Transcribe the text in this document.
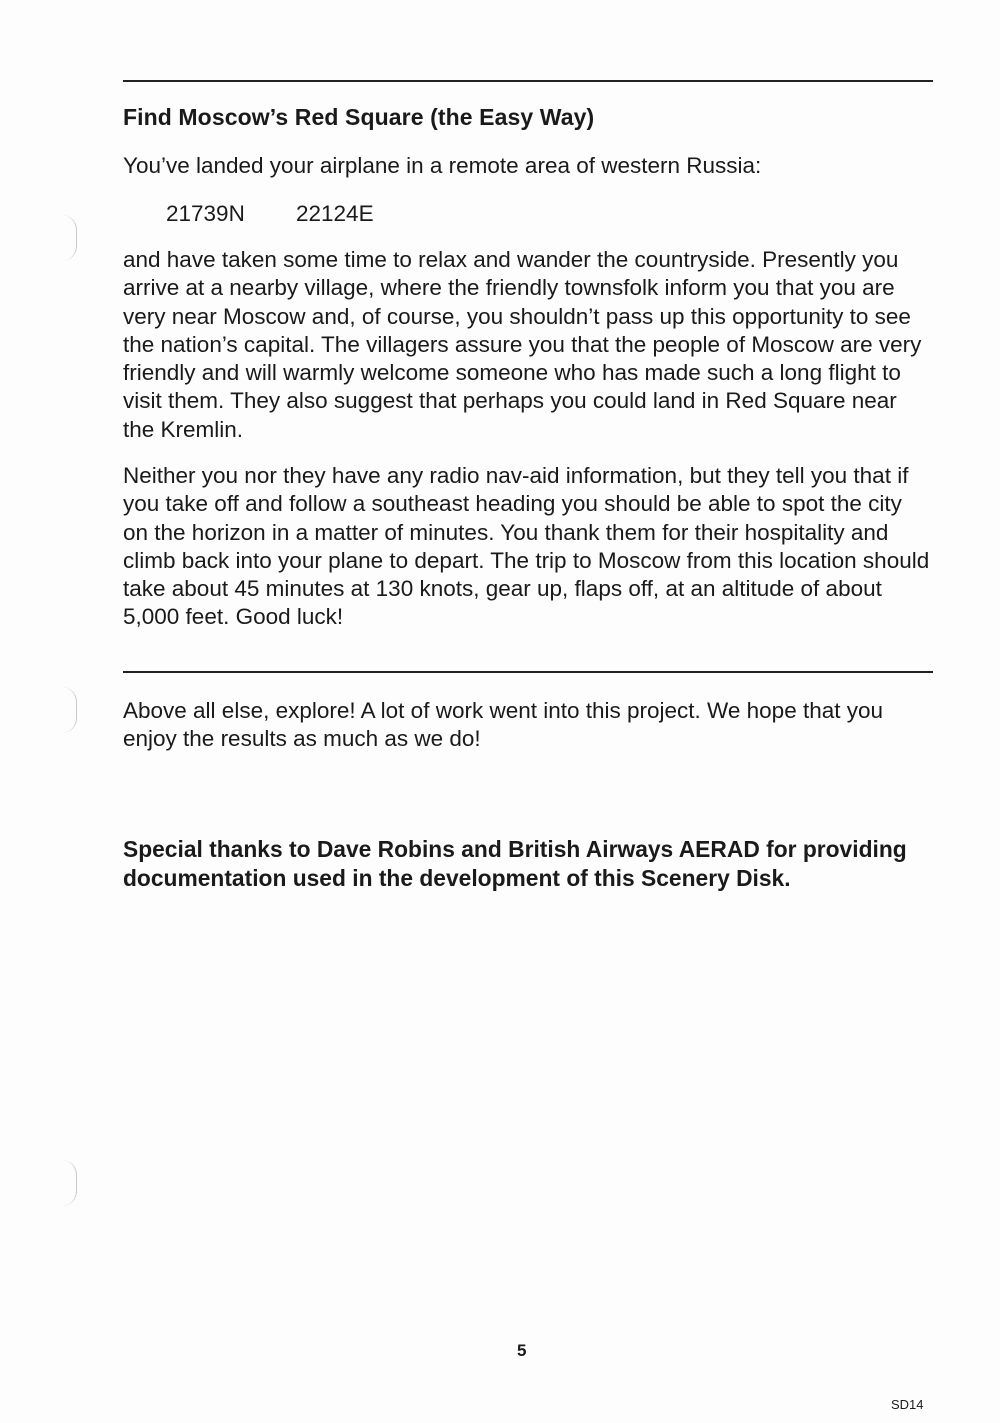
Find Moscow’s Red Square (the Easy Way)

You’ve landed your airplane in a remote area of western Russia:

21739N 22124E

and have taken some time to relax and wander the countryside. Presently you arrive at a nearby village, where the friendly townsfolk inform you that you are very near Moscow and, of course, you shouldn’t pass up this opportunity to see the nation’s capital. The villagers assure you that the people of Moscow are very friendly and will warmly welcome someone who has made such a long flight to visit them. They also suggest that perhaps you could land in Red Square near the Kremlin.

Neither you nor they have any radio nav-aid information, but they tell you that if you take off and follow a southeast heading you should be able to spot the city on the horizon in a matter of minutes. You thank them for their hospitality and climb back into your plane to depart. The trip to Moscow from this location should take about 45 minutes at 130 knots, gear up, flaps off, at an altitude of about 5,000 feet. Good luck!

Above all else, explore! A lot of work went into this project. We hope that you enjoy the results as much as we do!

Special thanks to Dave Robins and British Airways AERAD for providing documentation used in the development of this Scenery Disk.

5

SD14
